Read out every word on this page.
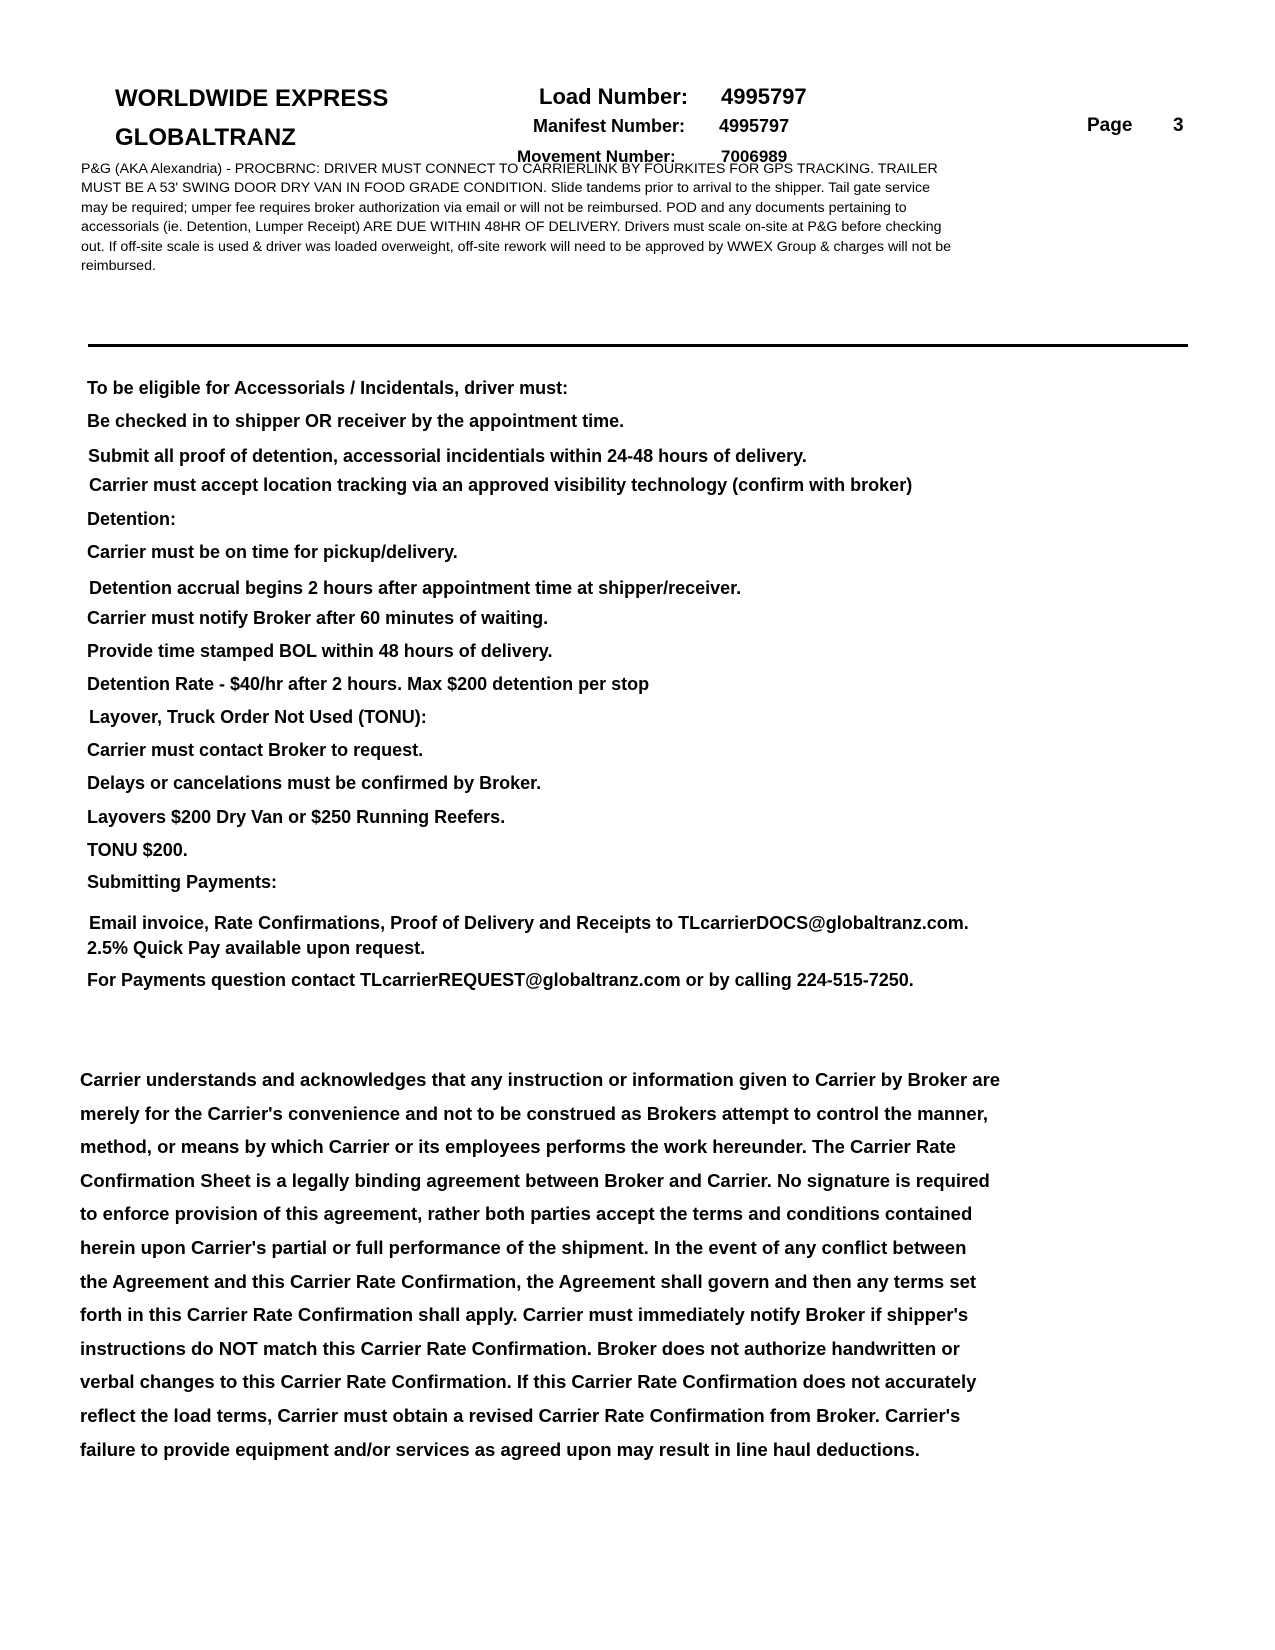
WORLDWIDE EXPRESS
GLOBALTRANZ
Load Number: 4995797
Manifest Number: 4995797
Movement Number:	7006989
Page 3
P&G (AKA Alexandria) - PROCBRNC: DRIVER MUST CONNECT TO CARRIERLINK BY FOURKITES FOR GPS TRACKING. TRAILER
MUST BE A 53' SWING DOOR DRY VAN IN FOOD GRADE CONDITION. Slide tandems prior to arrival to the shipper. Tail gate service
may be required; umper fee requires broker authorization via email or will not be reimbursed. POD and any documents pertaining to
accessorials (ie. Detention, Lumper Receipt) ARE DUE WITHIN 48HR OF DELIVERY. Drivers must scale on-site at P&G before checking
out. If off-site scale is used & driver was loaded overweight, off-site rework will need to be approved by WWEX Group & charges will not be
reimbursed.
To be eligible for Accessorials / Incidentals, driver must:
Be checked in to shipper OR receiver by the appointment time.
Submit all proof of detention, accessorial incidentials within 24-48 hours of delivery.
Carrier must accept location tracking via an approved visibility technology (confirm with broker)
Detention:
Carrier must be on time for pickup/delivery.
Detention accrual begins 2 hours after appointment time at shipper/receiver.
Carrier must notify Broker after 60 minutes of waiting.
Provide time stamped BOL within 48 hours of delivery.
Detention Rate - $40/hr after 2 hours. Max $200 detention per stop
Layover, Truck Order Not Used (TONU):
Carrier must contact Broker to request.
Delays or cancelations must be confirmed by Broker.
Layovers $200 Dry Van or $250 Running Reefers.
TONU $200.
Submitting Payments:
Email invoice, Rate Confirmations, Proof of Delivery and Receipts to TLcarrierDOCS@globaltranz.com.
2.5% Quick Pay available upon request.
For Payments question contact TLcarrierREQUEST@globaltranz.com or by calling 224-515-7250.
Carrier understands and acknowledges that any instruction or information given to Carrier by Broker are
merely for the Carrier's convenience and not to be construed as Brokers attempt to control the manner,
method, or means by which Carrier or its employees performs the work hereunder. The Carrier Rate
Confirmation Sheet is a legally binding agreement between Broker and Carrier. No signature is required
to enforce provision of this agreement, rather both parties accept the terms and conditions contained
herein upon Carrier's partial or full performance of the shipment. In the event of any conflict between
the Agreement and this Carrier Rate Confirmation, the Agreement shall govern and then any terms set
forth in this Carrier Rate Confirmation shall apply. Carrier must immediately notify Broker if shipper's
instructions do NOT match this Carrier Rate Confirmation. Broker does not authorize handwritten or
verbal changes to this Carrier Rate Confirmation. If this Carrier Rate Confirmation does not accurately
reflect the load terms, Carrier must obtain a revised Carrier Rate Confirmation from Broker. Carrier's
failure to provide equipment and/or services as agreed upon may result in line haul deductions.
